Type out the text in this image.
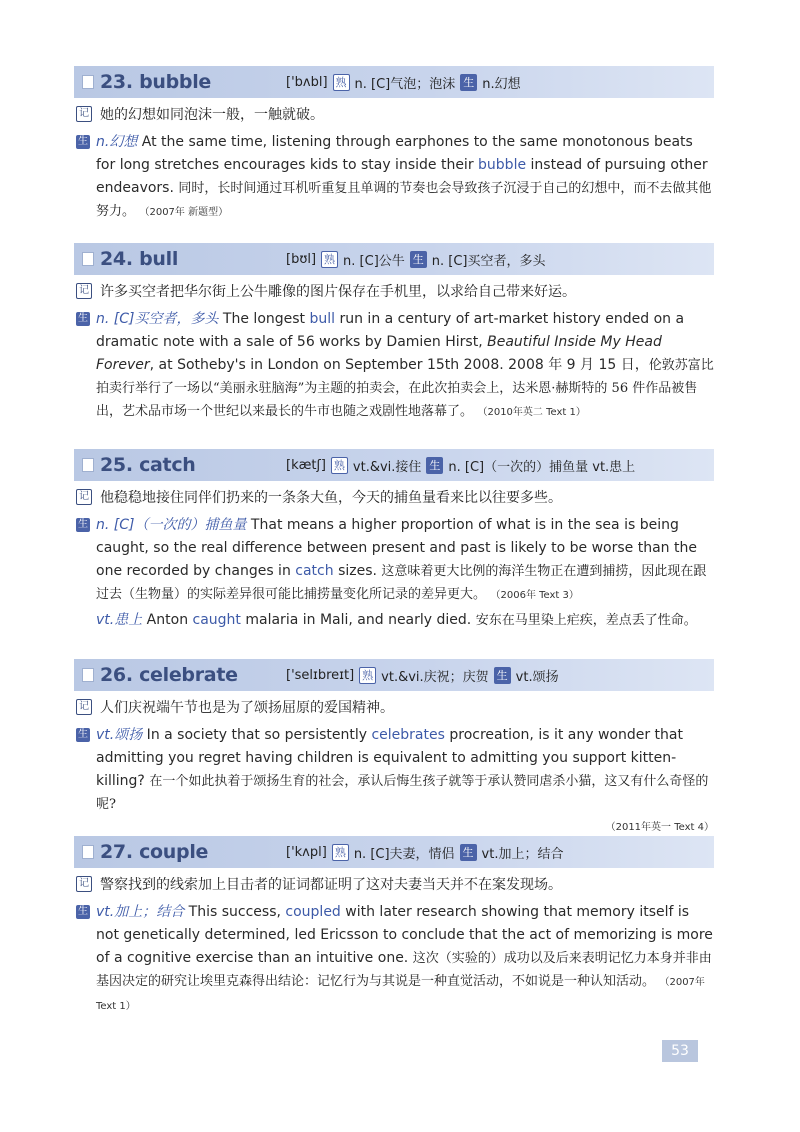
23. bubble	['bʌbl] 熟 n. [C]气泡；泡沫 生 n.幻想
记 她的幻想如同泡沫一般，一触就破。
生 n.幻想 At the same time, listening through earphones to the same monotonous beats for long stretches encourages kids to stay inside their bubble instead of pursuing other endeavors. 同时，长时间通过耳机听重复且单调的节奏也会导致孩子沉浸于自己的幻想中，而不去做其他努力。 （2007年 新题型）
24. bull	[bʊl] 熟 n. [C]公牛 生 n. [C]买空者，多头
记 许多买空者把华尔街上公牛雕像的图片保存在手机里，以求给自己带来好运。
生 n. [C]买空者，多头 The longest bull run in a century of art-market history ended on a dramatic note with a sale of 56 works by Damien Hirst, Beautiful Inside My Head Forever, at Sotheby's in London on September 15th 2008. 2008 年 9 月 15 日，伦敦苏富比拍卖行举行了一场以“美丽永驻脑海”为主题的拍卖会，在此次拍卖会上，达米恩·赫斯特的 56 件作品被售出，艺术品市场一个世纪以来最长的牛市也随之戏剧性地落幕了。 （2010年英二 Text 1）
25. catch	[kætʃ] 熟 vt.&vi.接住 生 n. [C]（一次的）捕鱼量 vt.患上
记 他稳稳地接住同伴们扔来的一条条大鱼，今天的捕鱼量看来比以往要多些。
生 n. [C]（一次的）捕鱼量 That means a higher proportion of what is in the sea is being caught, so the real difference between present and past is likely to be worse than the one recorded by changes in catch sizes. 这意味着更大比例的海洋生物正在遭到捕捞，因此现在跟过去（生物量）的实际差异很可能比捕捞量变化所记录的差异更大。 （2006年 Text 3）
vt.患上 Anton caught malaria in Mali, and nearly died. 安东在马里染上疟疾，差点丢了性命。
26. celebrate	['selɪbreɪt] 熟 vt.&vi.庆祝；庆贺 生 vt.颂扬
记 人们庆祝端午节也是为了颂扬屈原的爱国精神。
生 vt.颂扬 In a society that so persistently celebrates procreation, is it any wonder that admitting you regret having children is equivalent to admitting you support kitten-killing? 在一个如此执着于颂扬生育的社会，承认后悔生孩子就等于承认赞同虐杀小猫，这又有什么奇怪的呢?
（2011年英一 Text 4）
27. couple	['kʌpl] 熟 n. [C]夫妻，情侣 生 vt.加上；结合
记 警察找到的线索加上目击者的证词都证明了这对夫妻当天并不在案发现场。
生 vt.加上；结合 This success, coupled with later research showing that memory itself is not genetically determined, led Ericsson to conclude that the act of memorizing is more of a cognitive exercise than an intuitive one. 这次（实验的）成功以及后来表明记忆力本身并非由基因决定的研究让埃里克森得出结论：记忆行为与其说是一种直觉活动，不如说是一种认知活动。 （2007年 Text 1）
53
